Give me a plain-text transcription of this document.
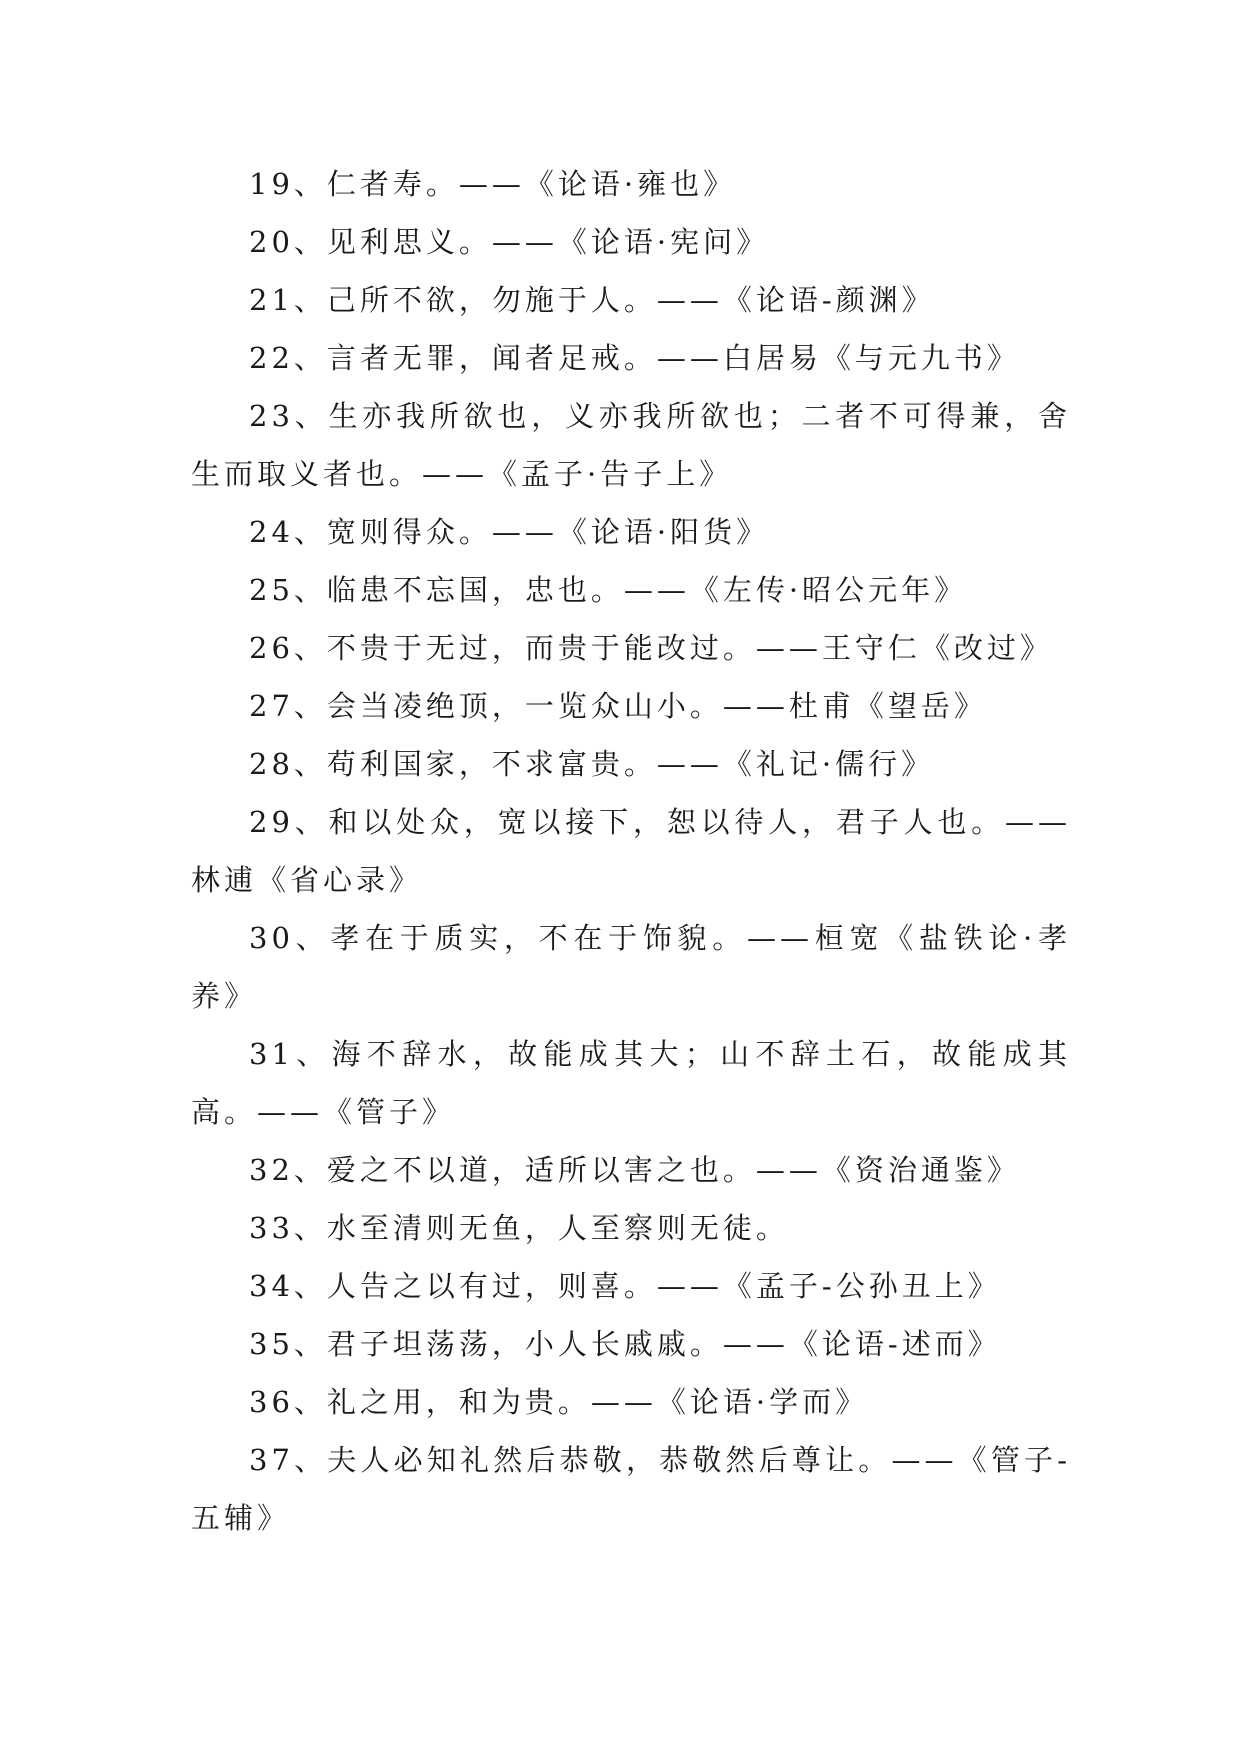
19、仁者寿。——《论语·雍也》

20、见利思义。——《论语·宪问》

21、己所不欲，勿施于人。——《论语-颜渊》

22、言者无罪，闻者足戒。——白居易《与元九书》

23、生亦我所欲也，义亦我所欲也；二者不可得兼，舍生而取义者也。——《孟子·告子上》

24、宽则得众。——《论语·阳货》

25、临患不忘国，忠也。——《左传·昭公元年》

26、不贵于无过，而贵于能改过。——王守仁《改过》

27、会当凌绝顶，一览众山小。——杜甫《望岳》

28、苟利国家，不求富贵。——《礼记·儒行》

29、和以处众，宽以接下，恕以待人，君子人也。——林逋《省心录》

30、孝在于质实，不在于饰貌。——桓宽《盐铁论·孝养》

31、海不辞水，故能成其大；山不辞土石，故能成其高。——《管子》

32、爱之不以道，适所以害之也。——《资治通鉴》

33、水至清则无鱼，人至察则无徒。

34、人告之以有过，则喜。——《孟子-公孙丑上》

35、君子坦荡荡，小人长戚戚。——《论语-述而》

36、礼之用，和为贵。——《论语·学而》

37、夫人必知礼然后恭敬，恭敬然后尊让。——《管子-五辅》
